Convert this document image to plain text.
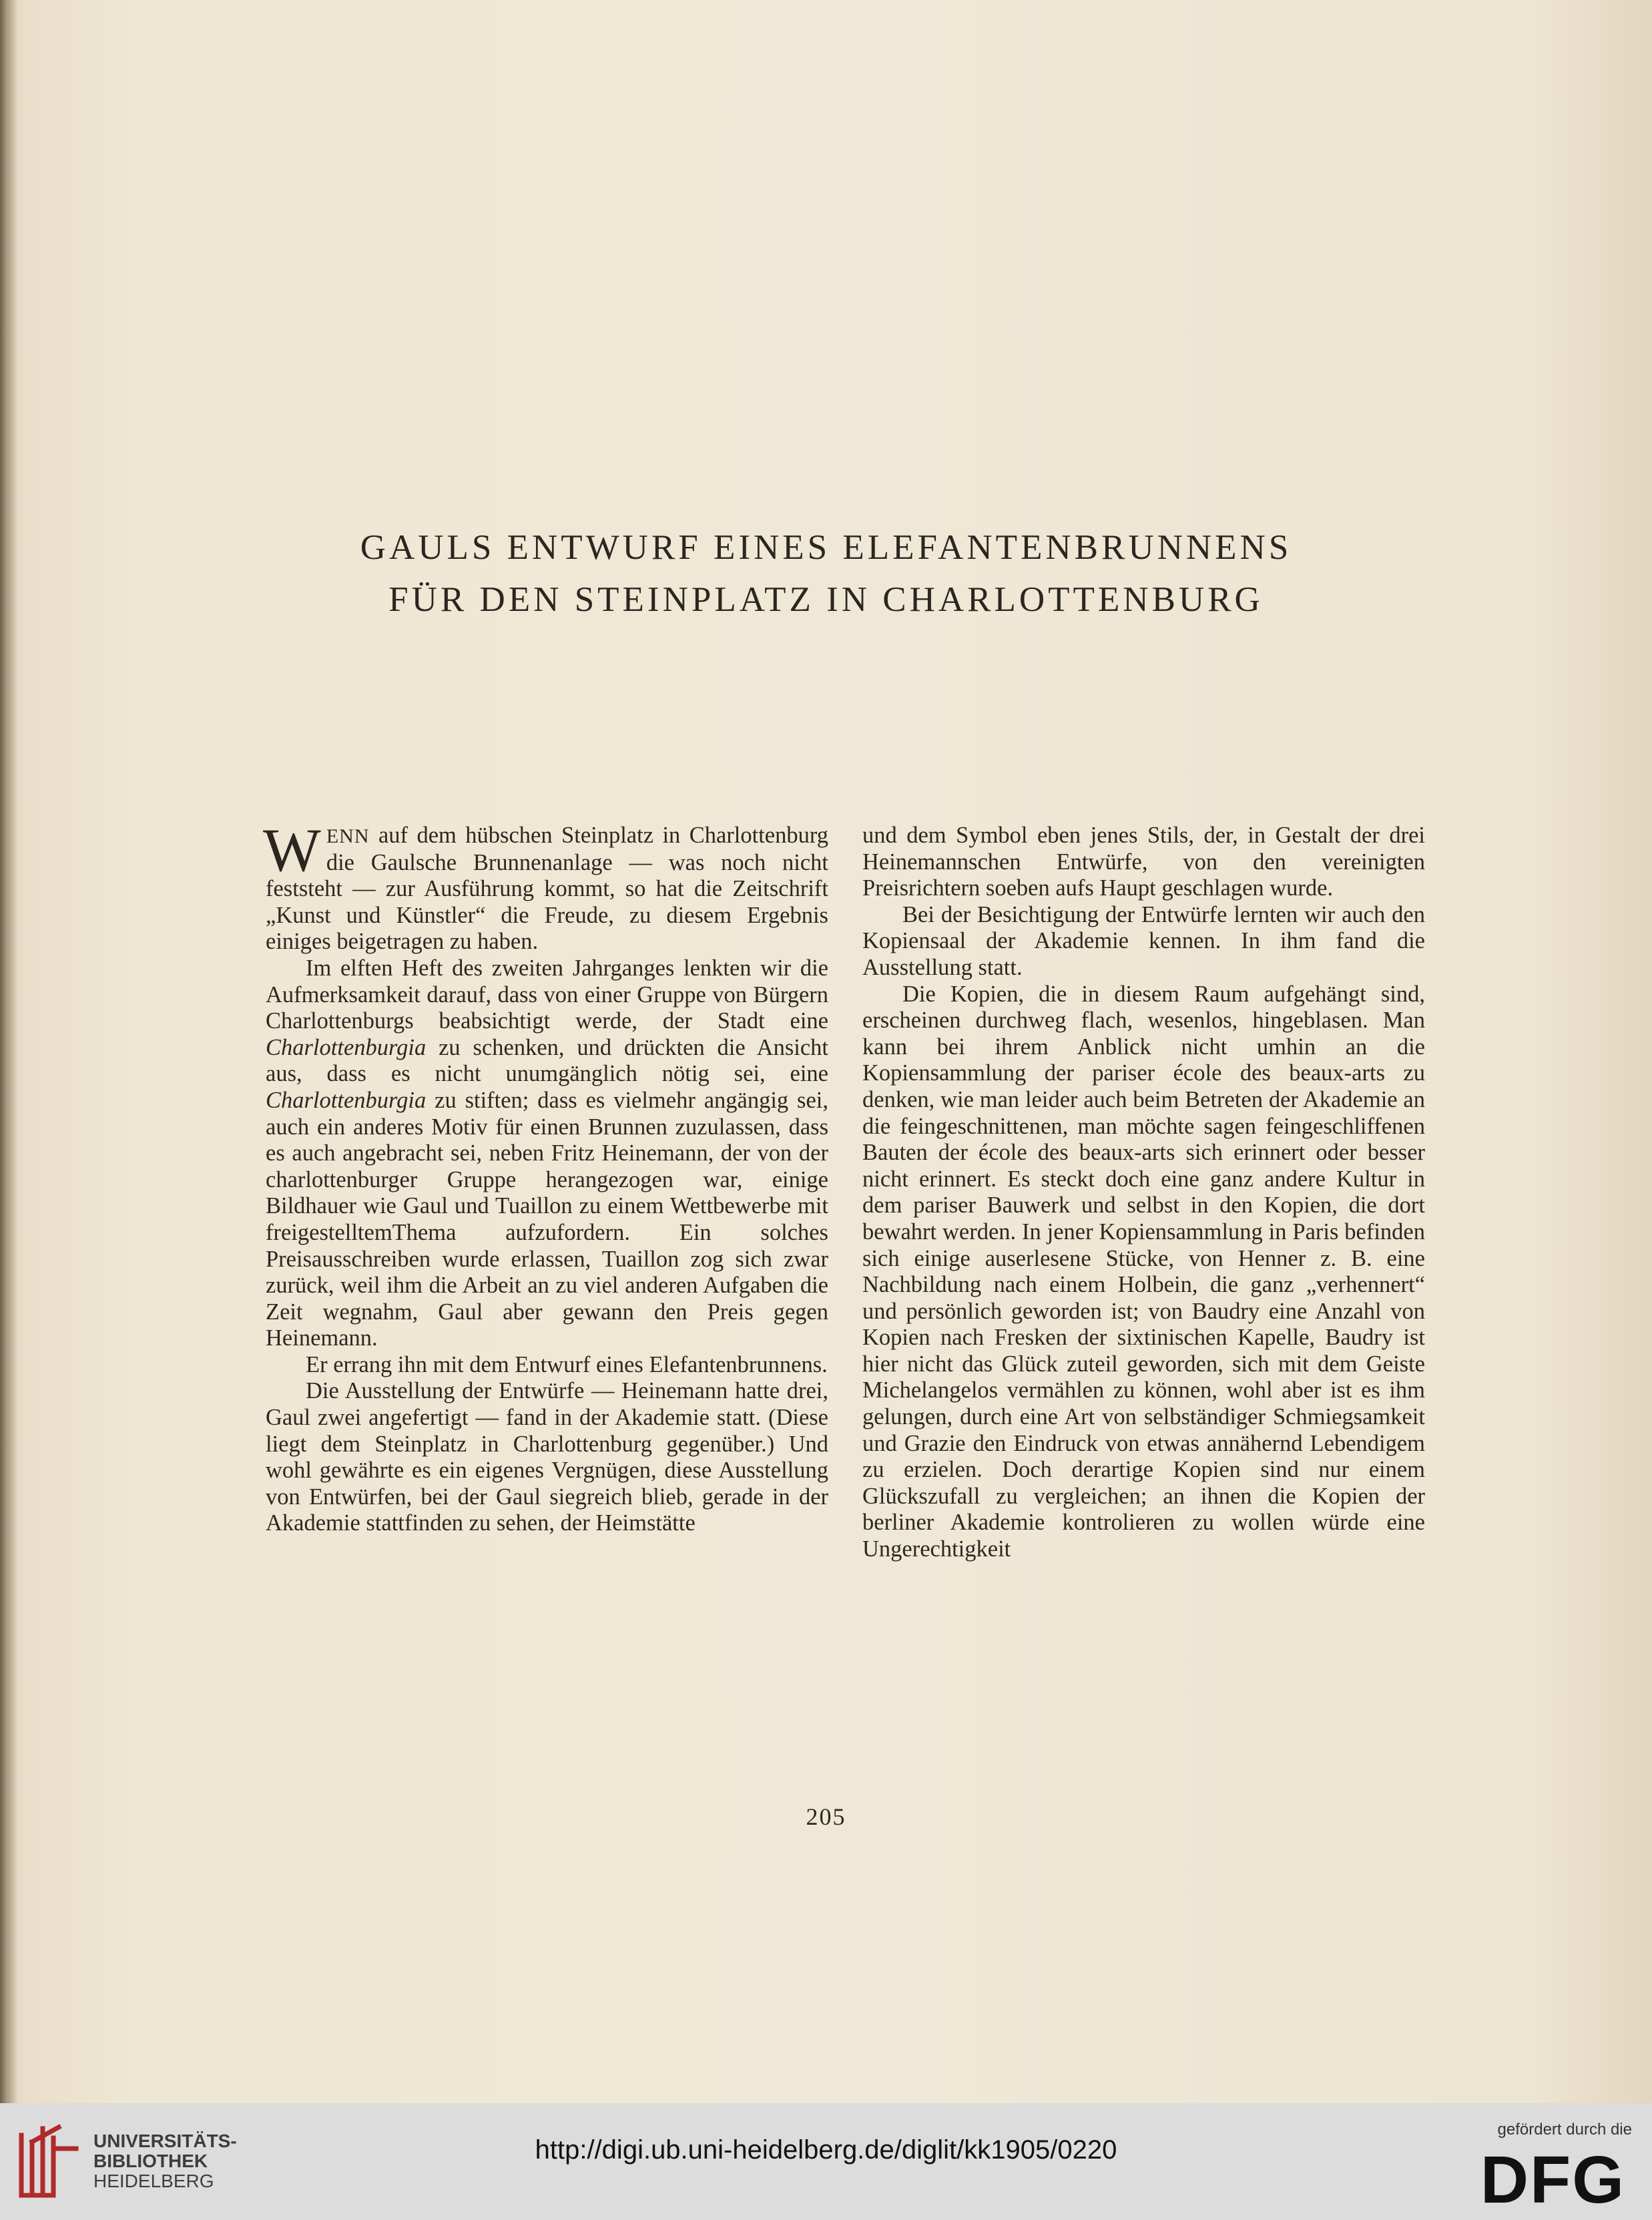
GAULS ENTWURF EINES ELEFANTENBRUNNENS
FÜR DEN STEINPLATZ IN CHARLOTTENBURG

WENN auf dem hübschen Steinplatz in Charlottenburg die Gaulsche Brunnenanlage — was noch nicht feststeht — zur Ausführung kommt, so hat die Zeitschrift „Kunst und Künstler“ die Freude, zu diesem Ergebnis einiges beigetragen zu haben.

Im elften Heft des zweiten Jahrganges lenkten wir die Aufmerksamkeit darauf, dass von einer Gruppe von Bürgern Charlottenburgs beabsichtigt werde, der Stadt eine Charlottenburgia zu schenken, und drückten die Ansicht aus, dass es nicht unumgänglich nötig sei, eine Charlottenburgia zu stiften; dass es vielmehr angängig sei, auch ein anderes Motiv für einen Brunnen zuzulassen, dass es auch angebracht sei, neben Fritz Heinemann, der von der charlottenburger Gruppe herangezogen war, einige Bildhauer wie Gaul und Tuaillon zu einem Wettbewerbe mit freigestelltemThema aufzufordern. Ein solches Preisausschreiben wurde erlassen, Tuaillon zog sich zwar zurück, weil ihm die Arbeit an zu viel anderen Aufgaben die Zeit wegnahm, Gaul aber gewann den Preis gegen Heinemann.

Er errang ihn mit dem Entwurf eines Elefantenbrunnens.

Die Ausstellung der Entwürfe — Heinemann hatte drei, Gaul zwei angefertigt — fand in der Akademie statt. (Diese liegt dem Steinplatz in Charlottenburg gegenüber.) Und wohl gewährte es ein eigenes Vergnügen, diese Ausstellung von Entwürfen, bei der Gaul siegreich blieb, gerade in der Akademie stattfinden zu sehen, der Heimstätte

und dem Symbol eben jenes Stils, der, in Gestalt der drei Heinemannschen Entwürfe, von den vereinigten Preisrichtern soeben aufs Haupt geschlagen wurde.

Bei der Besichtigung der Entwürfe lernten wir auch den Kopiensaal der Akademie kennen. In ihm fand die Ausstellung statt.

Die Kopien, die in diesem Raum aufgehängt sind, erscheinen durchweg flach, wesenlos, hingeblasen. Man kann bei ihrem Anblick nicht umhin an die Kopiensammlung der pariser école des beaux-arts zu denken, wie man leider auch beim Betreten der Akademie an die feingeschnittenen, man möchte sagen feingeschliffenen Bauten der école des beaux-arts sich erinnert oder besser nicht erinnert. Es steckt doch eine ganz andere Kultur in dem pariser Bauwerk und selbst in den Kopien, die dort bewahrt werden. In jener Kopiensammlung in Paris befinden sich einige auserlesene Stücke, von Henner z. B. eine Nachbildung nach einem Holbein, die ganz „verhennert“ und persönlich geworden ist; von Baudry eine Anzahl von Kopien nach Fresken der sixtinischen Kapelle, Baudry ist hier nicht das Glück zuteil geworden, sich mit dem Geiste Michelangelos vermählen zu können, wohl aber ist es ihm gelungen, durch eine Art von selbständiger Schmiegsamkeit und Grazie den Eindruck von etwas annähernd Lebendigem zu erzielen. Doch derartige Kopien sind nur einem Glückszufall zu vergleichen; an ihnen die Kopien der berliner Akademie kontrolieren zu wollen würde eine Ungerechtigkeit

205
UNIVERSITÄTS-
BIBLIOTHEK
HEIDELBERG
http://digi.ub.uni-heidelberg.de/diglit/kk1905/0220
gefördert durch die
DFG
